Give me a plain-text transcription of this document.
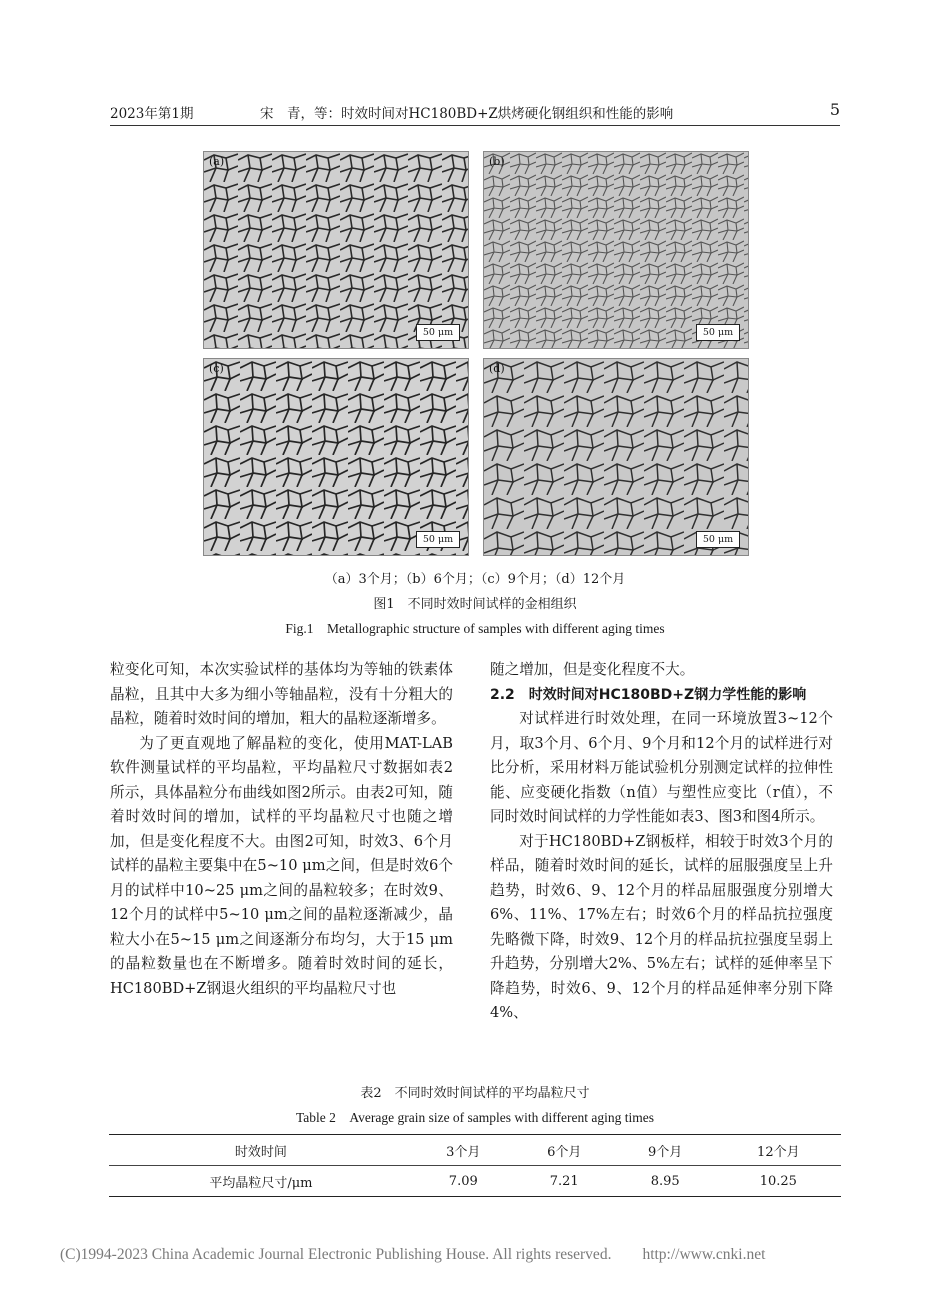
2023年第1期	宋　青，等：时效时间对HC180BD+Z烘烤硬化钢组织和性能的影响	5
(a)
50 μm
(b)
50 μm
(c)
50 μm
(d)
50 μm
（a）3个月；（b）6个月；（c）9个月；（d）12个月
图1　不同时效时间试样的金相组织
Fig.1　Metallographic structure of samples with different aging times

粒变化可知，本次实验试样的基体均为等轴的铁素体晶粒，且其中大多为细小等轴晶粒，没有十分粗大的晶粒，随着时效时间的增加，粗大的晶粒逐渐增多。

为了更直观地了解晶粒的变化，使用MAT-LAB软件测量试样的平均晶粒，平均晶粒尺寸数据如表2所示，具体晶粒分布曲线如图2所示。由表2可知，随着时效时间的增加，试样的平均晶粒尺寸也随之增加，但是变化程度不大。由图2可知，时效3、6个月试样的晶粒主要集中在5~10 μm之间，但是时效6个月的试样中10~25 μm之间的晶粒较多；在时效9、12个月的试样中5~10 μm之间的晶粒逐渐减少，晶粒大小在5~15 μm之间逐渐分布均匀，大于15 μm的晶粒数量也在不断增多。随着时效时间的延长，HC180BD+Z钢退火组织的平均晶粒尺寸也

随之增加，但是变化程度不大。

2.2　时效时间对HC180BD+Z钢力学性能的影响

对试样进行时效处理，在同一环境放置3~12个月，取3个月、6个月、9个月和12个月的试样进行对比分析，采用材料万能试验机分别测定试样的拉伸性能、应变硬化指数（n值）与塑性应变比（r值），不同时效时间试样的力学性能如表3、图3和图4所示。

对于HC180BD+Z钢板样，相较于时效3个月的样品，随着时效时间的延长，试样的屈服强度呈上升趋势，时效6、9、12个月的样品屈服强度分别增大6%、11%、17%左右；时效6个月的样品抗拉强度先略微下降，时效9、12个月的样品抗拉强度呈弱上升趋势，分别增大2%、5%左右；试样的延伸率呈下降趋势，时效6、9、12个月的样品延伸率分别下降4%、

表2　不同时效时间试样的平均晶粒尺寸
Table 2　Average grain size of samples with different aging times
时效时间	3个月	6个月	9个月	12个月
平均晶粒尺寸/μm	7.09	7.21	8.95	10.25
(C)1994-2023 China Academic Journal Electronic Publishing House. All rights reserved.　　http://www.cnki.net
